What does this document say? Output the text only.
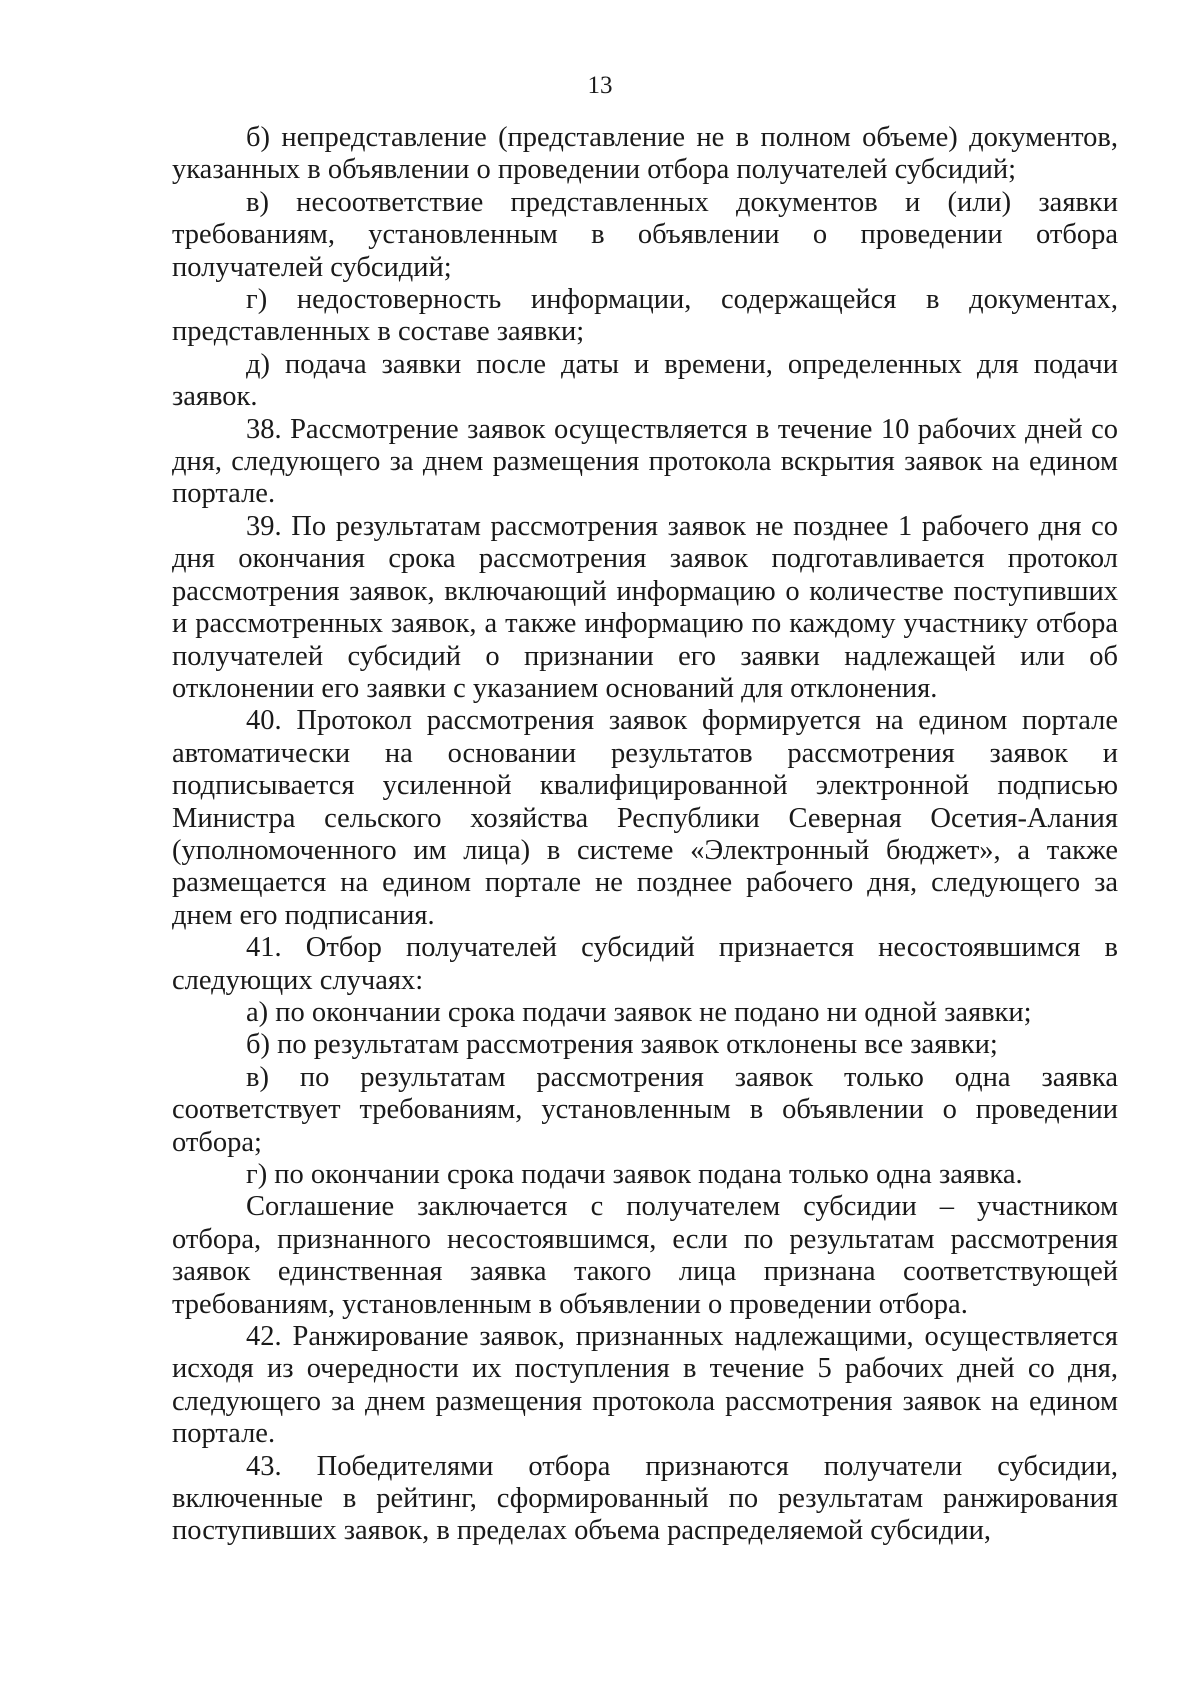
13

б) непредставление (представление не в полном объеме) документов, указанных в объявлении о проведении отбора получателей субсидий;

в) несоответствие представленных документов и (или) заявки требованиям, установленным в объявлении о проведении отбора получателей субсидий;

г) недостоверность информации, содержащейся в документах, представленных в составе заявки;

д) подача заявки после даты и времени, определенных для подачи заявок.

38. Рассмотрение заявок осуществляется в течение 10 рабочих дней со дня, следующего за днем размещения протокола вскрытия заявок на едином портале.

39. По результатам рассмотрения заявок не позднее 1 рабочего дня со дня окончания срока рассмотрения заявок подготавливается протокол рассмотрения заявок, включающий информацию о количестве поступивших и рассмотренных заявок, а также информацию по каждому участнику отбора получателей субсидий о признании его заявки надлежащей или об отклонении его заявки с указанием оснований для отклонения.

40. Протокол рассмотрения заявок формируется на едином портале автоматически на основании результатов рассмотрения заявок и подписывается усиленной квалифицированной электронной подписью Министра сельского хозяйства Республики Северная Осетия-Алания (уполномоченного им лица) в системе «Электронный бюджет», а также размещается на едином портале не позднее рабочего дня, следующего за днем его подписания.

41. Отбор получателей субсидий признается несостоявшимся в следующих случаях:

а) по окончании срока подачи заявок не подано ни одной заявки;

б) по результатам рассмотрения заявок отклонены все заявки;

в) по результатам рассмотрения заявок только одна заявка соответствует требованиям, установленным в объявлении о проведении отбора;

г) по окончании срока подачи заявок подана только одна заявка.

Соглашение заключается с получателем субсидии – участником отбора, признанного несостоявшимся, если по результатам рассмотрения заявок единственная заявка такого лица признана соответствующей требованиям, установленным в объявлении о проведении отбора.

42. Ранжирование заявок, признанных надлежащими, осуществляется исходя из очередности их поступления в течение 5 рабочих дней со дня, следующего за днем размещения протокола рассмотрения заявок на едином портале.

43. Победителями отбора признаются получатели субсидии, включенные в рейтинг, сформированный по результатам ранжирования поступивших заявок, в пределах объема распределяемой субсидии,
